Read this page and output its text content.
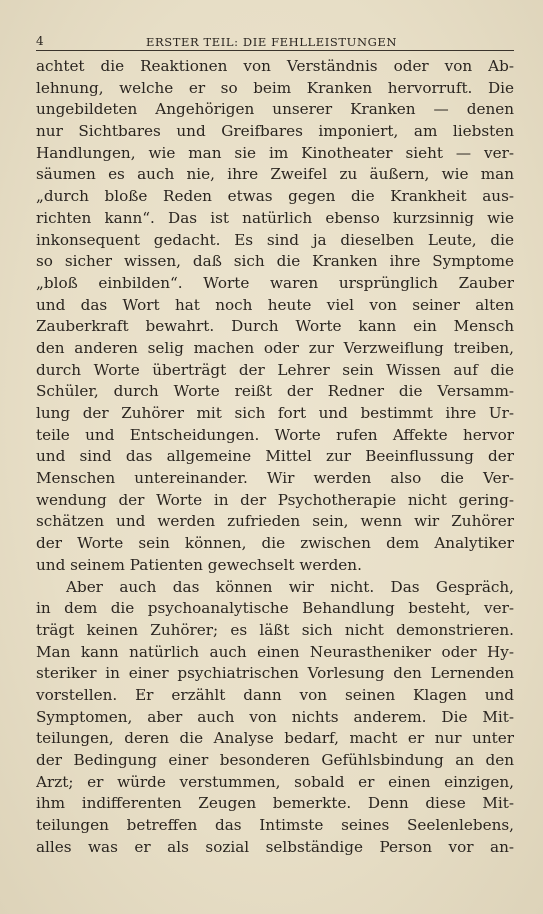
4	ERSTER TEIL: DIE FEHLLEISTUNGEN
achtet die Reaktionen von Verständnis oder von Ab-
lehnung, welche er so beim Kranken hervorruft. Die
ungebildeten Angehörigen unserer Kranken — denen
nur Sichtbares und Greifbares imponiert, am liebsten
Handlungen, wie man sie im Kinotheater sieht — ver-
säumen es auch nie, ihre Zweifel zu äußern, wie man
„durch bloße Reden etwas gegen die Krankheit aus-
richten kann“. Das ist natürlich ebenso kurzsinnig wie
inkonsequent gedacht. Es sind ja dieselben Leute, die
so sicher wissen, daß sich die Kranken ihre Symptome
„bloß einbilden“. Worte waren ursprünglich Zauber
und das Wort hat noch heute viel von seiner alten
Zauberkraft bewahrt. Durch Worte kann ein Mensch
den anderen selig machen oder zur Verzweiflung treiben,
durch Worte überträgt der Lehrer sein Wissen auf die
Schüler, durch Worte reißt der Redner die Versamm-
lung der Zuhörer mit sich fort und bestimmt ihre Ur-
teile und Entscheidungen. Worte rufen Affekte hervor
und sind das allgemeine Mittel zur Beeinflussung der
Menschen untereinander. Wir werden also die Ver-
wendung der Worte in der Psychotherapie nicht gering-
schätzen und werden zufrieden sein, wenn wir Zuhörer
der Worte sein können, die zwischen dem Analytiker
und seinem Patienten gewechselt werden.
Aber auch das können wir nicht. Das Gespräch,
in dem die psychoanalytische Behandlung besteht, ver-
trägt keinen Zuhörer; es läßt sich nicht demonstrieren.
Man kann natürlich auch einen Neurastheniker oder Hy-
steriker in einer psychiatrischen Vorlesung den Lernenden
vorstellen. Er erzählt dann von seinen Klagen und
Symptomen, aber auch von nichts anderem. Die Mit-
teilungen, deren die Analyse bedarf, macht er nur unter
der Bedingung einer besonderen Gefühlsbindung an den
Arzt; er würde verstummen, sobald er einen einzigen,
ihm indifferenten Zeugen bemerkte. Denn diese Mit-
teilungen betreffen das Intimste seines Seelenlebens,
alles was er als sozial selbständige Person vor an-
